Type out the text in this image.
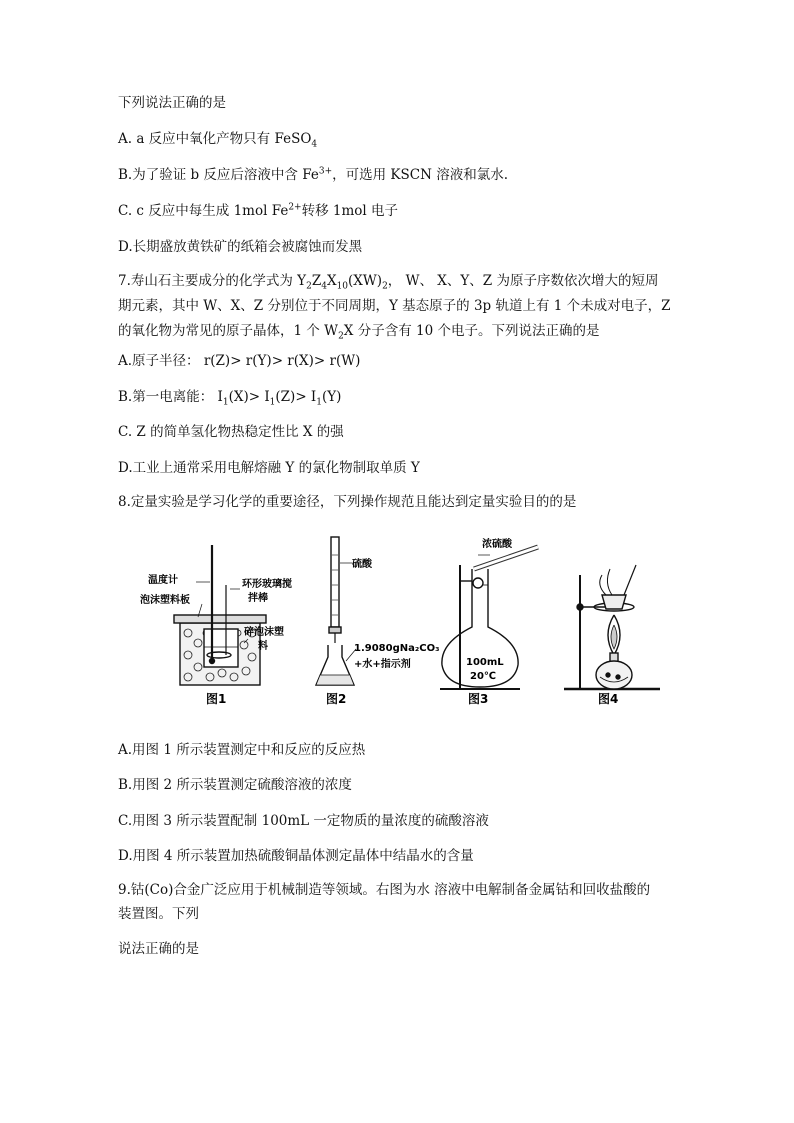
下列说法正确的是
A. a 反应中氧化产物只有 FeSO$_4$
B.为了验证 b 反应后溶液中含 $Fe^{3+}$，可选用 KSCN 溶液和氯水.
C. c 反应中每生成 1mol $Fe^{2+}$转移 1mol 电子
D.长期盛放黄铁矿的纸箱会被腐蚀而发黑
7.寿山石主要成分的化学式为 $Y_2Z_4X_{10}(XW)_2$， W、 X、Y、Z 为原子序数依次增大的短周
期元素，其中 W、X、Z 分别位于不同周期，Y 基态原子的 3p 轨道上有 1 个未成对电子，Z
的氧化物为常见的原子晶体，1 个 $W_2X$ 分子含有 10 个电子。下列说法正确的是
A.原子半径： r(Z)> r(Y)> r(X)> r(W)
B.第一电离能： $I_1(X)> I_1(Z)> I_1(Y)$
C. Z 的简单氢化物热稳定性比 X 的强
D.工业上通常采用电解熔融 Y 的氯化物制取单质 Y
8.定量实验是学习化学的重要途径，下列操作规范且能达到定量实验目的的是
温度计
泡沫塑料板
环形玻璃搅
拌棒
碎泡沫塑
料
图1
硫酸
1.9080gNa₂CO₃
+水+指示剂
图2
浓硫酸
100mL
20℃
图3	图4
A.用图 1 所示装置测定中和反应的反应热
B.用图 2 所示装置测定硫酸溶液的浓度
C.用图 3 所示装置配制 100mL 一定物质的量浓度的硫酸溶液
D.用图 4 所示装置加热硫酸铜晶体测定晶体中结晶水的含量
9.钴(Co)合金广泛应用于机械制造等领域。右图为水 溶液中电解制备金属钴和回收盐酸的
装置图。下列
说法正确的是
